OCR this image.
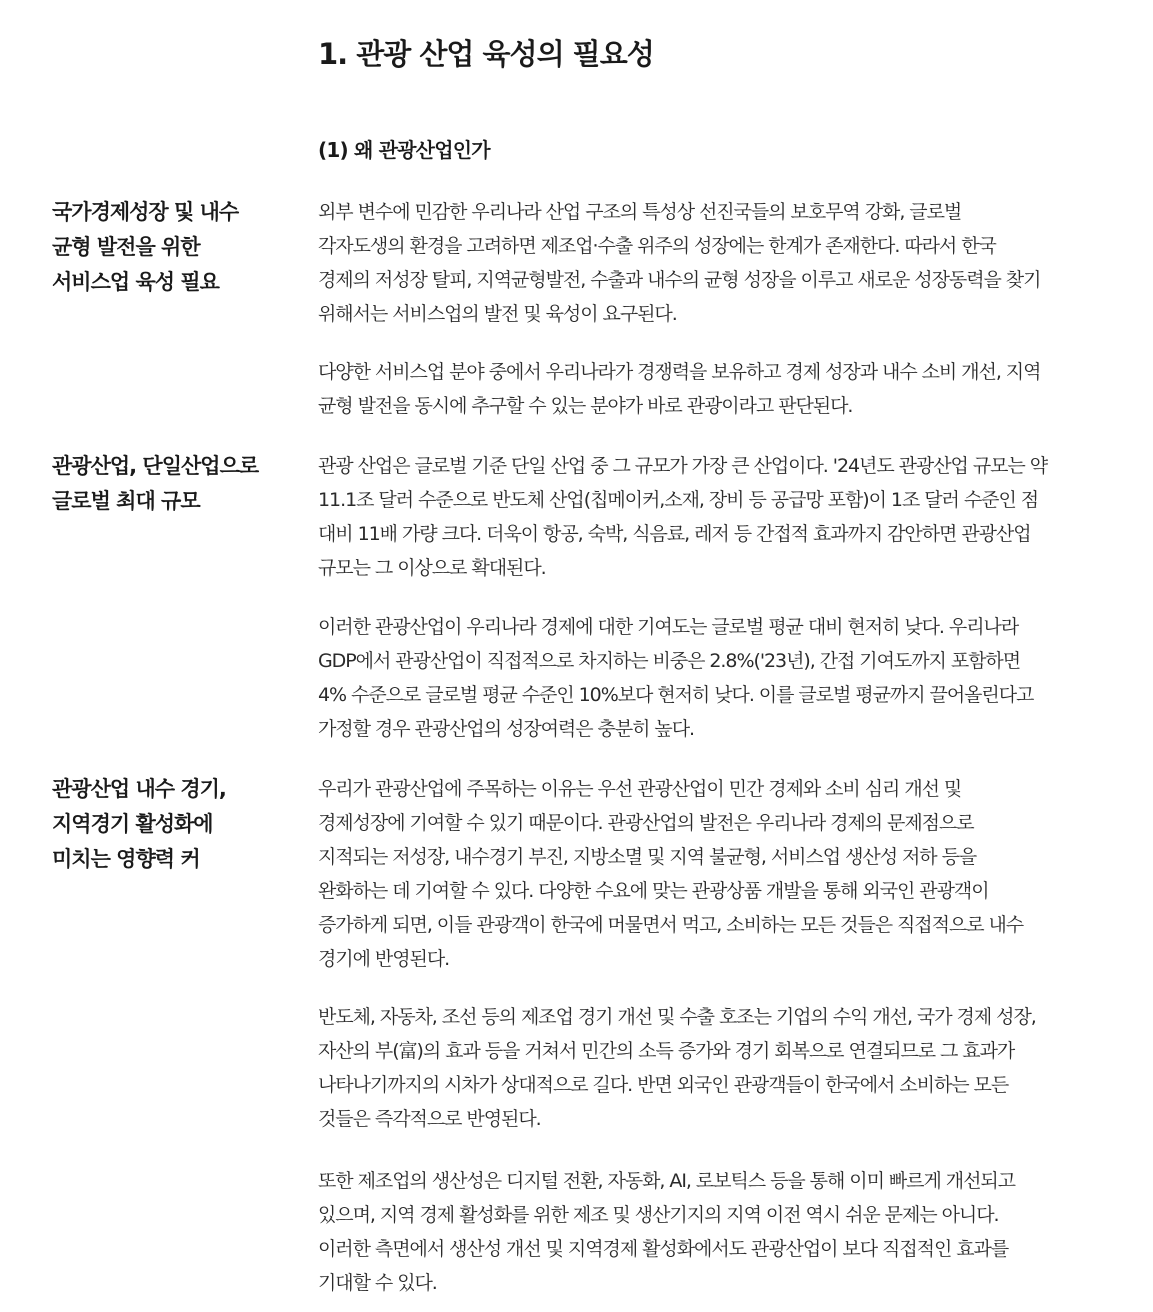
1. 관광 산업 육성의 필요성
(1) 왜 관광산업인가
국가경제성장 및 내수
균형 발전을 위한
서비스업 육성 필요

외부 변수에 민감한 우리나라 산업 구조의 특성상 선진국들의 보호무역 강화, 글로벌
각자도생의 환경을 고려하면 제조업·수출 위주의 성장에는 한계가 존재한다. 따라서 한국
경제의 저성장 탈피, 지역균형발전, 수출과 내수의 균형 성장을 이루고 새로운 성장동력을 찾기
위해서는 서비스업의 발전 및 육성이 요구된다.

다양한 서비스업 분야 중에서 우리나라가 경쟁력을 보유하고 경제 성장과 내수 소비 개선, 지역
균형 발전을 동시에 추구할 수 있는 분야가 바로 관광이라고 판단된다.

관광산업, 단일산업으로
글로벌 최대 규모

관광 산업은 글로벌 기준 단일 산업 중 그 규모가 가장 큰 산업이다. '24년도 관광산업 규모는 약
11.1조 달러 수준으로 반도체 산업(칩메이커,소재, 장비 등 공급망 포함)이 1조 달러 수준인 점
대비 11배 가량 크다. 더욱이 항공, 숙박, 식음료, 레저 등 간접적 효과까지 감안하면 관광산업
규모는 그 이상으로 확대된다.

이러한 관광산업이 우리나라 경제에 대한 기여도는 글로벌 평균 대비 현저히 낮다. 우리나라
GDP에서 관광산업이 직접적으로 차지하는 비중은 2.8%('23년), 간접 기여도까지 포함하면
4% 수준으로 글로벌 평균 수준인 10%보다 현저히 낮다. 이를 글로벌 평균까지 끌어올린다고
가정할 경우 관광산업의 성장여력은 충분히 높다.

관광산업 내수 경기,
지역경기 활성화에
미치는 영향력 커

우리가 관광산업에 주목하는 이유는 우선 관광산업이 민간 경제와 소비 심리 개선 및
경제성장에 기여할 수 있기 때문이다. 관광산업의 발전은 우리나라 경제의 문제점으로
지적되는 저성장, 내수경기 부진, 지방소멸 및 지역 불균형, 서비스업 생산성 저하 등을
완화하는 데 기여할 수 있다. 다양한 수요에 맞는 관광상품 개발을 통해 외국인 관광객이
증가하게 되면, 이들 관광객이 한국에 머물면서 먹고, 소비하는 모든 것들은 직접적으로 내수
경기에 반영된다.

반도체, 자동차, 조선 등의 제조업 경기 개선 및 수출 호조는 기업의 수익 개선, 국가 경제 성장,
자산의 부(富)의 효과 등을 거쳐서 민간의 소득 증가와 경기 회복으로 연결되므로 그 효과가
나타나기까지의 시차가 상대적으로 길다. 반면 외국인 관광객들이 한국에서 소비하는 모든
것들은 즉각적으로 반영된다.

또한 제조업의 생산성은 디지털 전환, 자동화, AI, 로보틱스 등을 통해 이미 빠르게 개선되고
있으며, 지역 경제 활성화를 위한 제조 및 생산기지의 지역 이전 역시 쉬운 문제는 아니다.
이러한 측면에서 생산성 개선 및 지역경제 활성화에서도 관광산업이 보다 직접적인 효과를
기대할 수 있다.
